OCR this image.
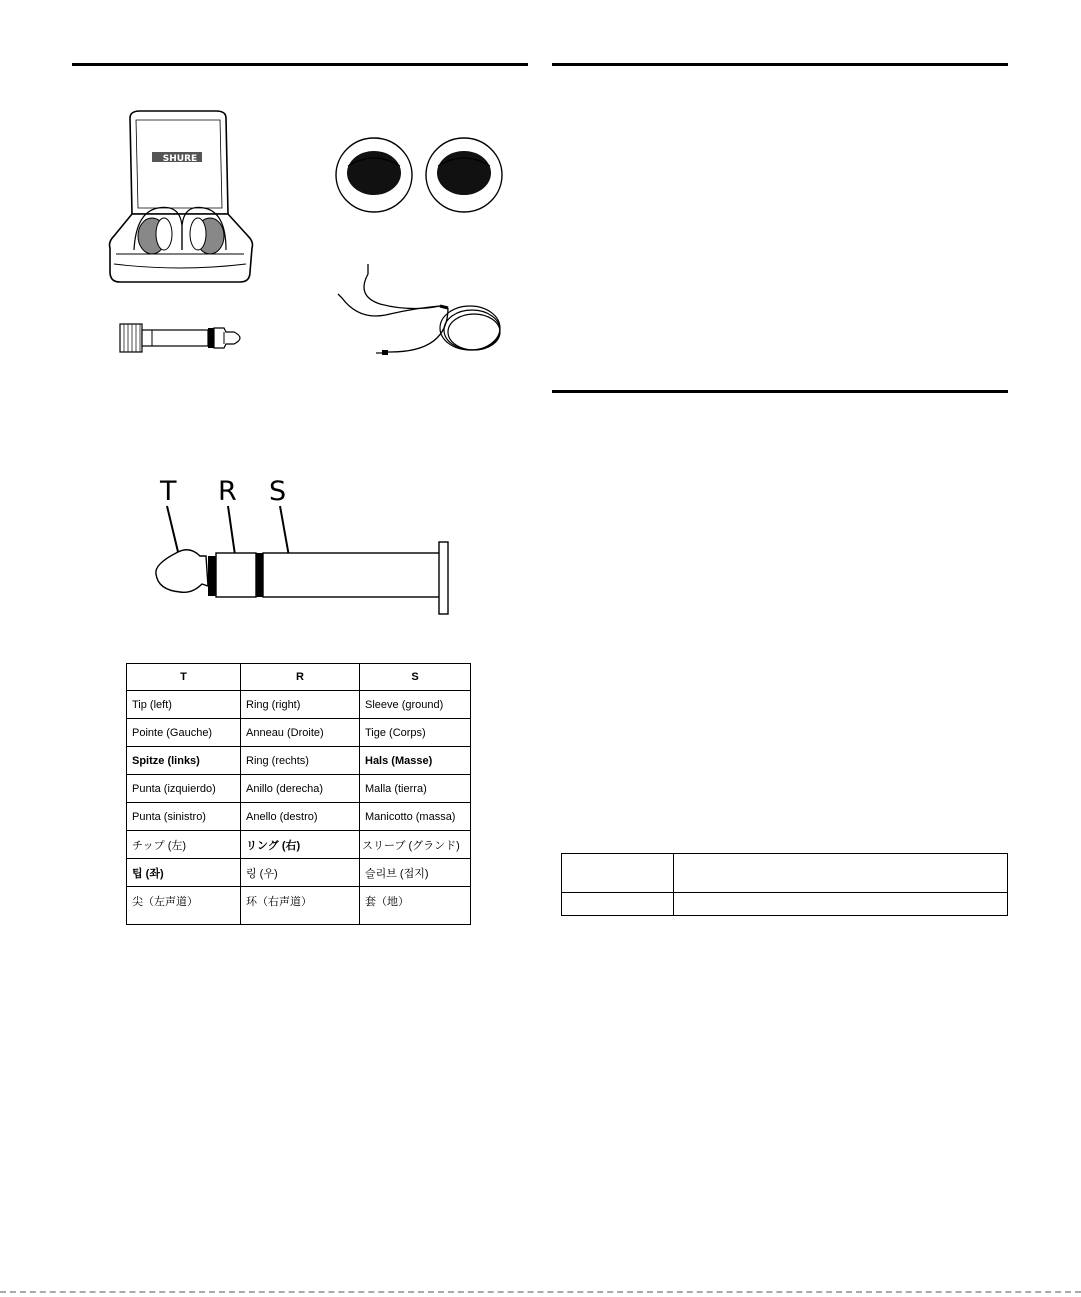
SHURE
T R S
T	R	S
Tip (left)	Ring (right)	Sleeve (ground)
Pointe (Gauche)	Anneau (Droite)	Tige (Corps)
Spitze (links)	Ring (rechts)	Hals (Masse)
Punta (izquierdo)	Anillo (derecha)	Malla (tierra)
Punta (sinistro)	Anello (destro)	Manicotto (massa)
チップ (左)	リング (右)	スリーブ (グランド)
팁 (좌)	링 (우)	슬리브 (접지)
尖（左声道）	环（右声道）	套（地）
